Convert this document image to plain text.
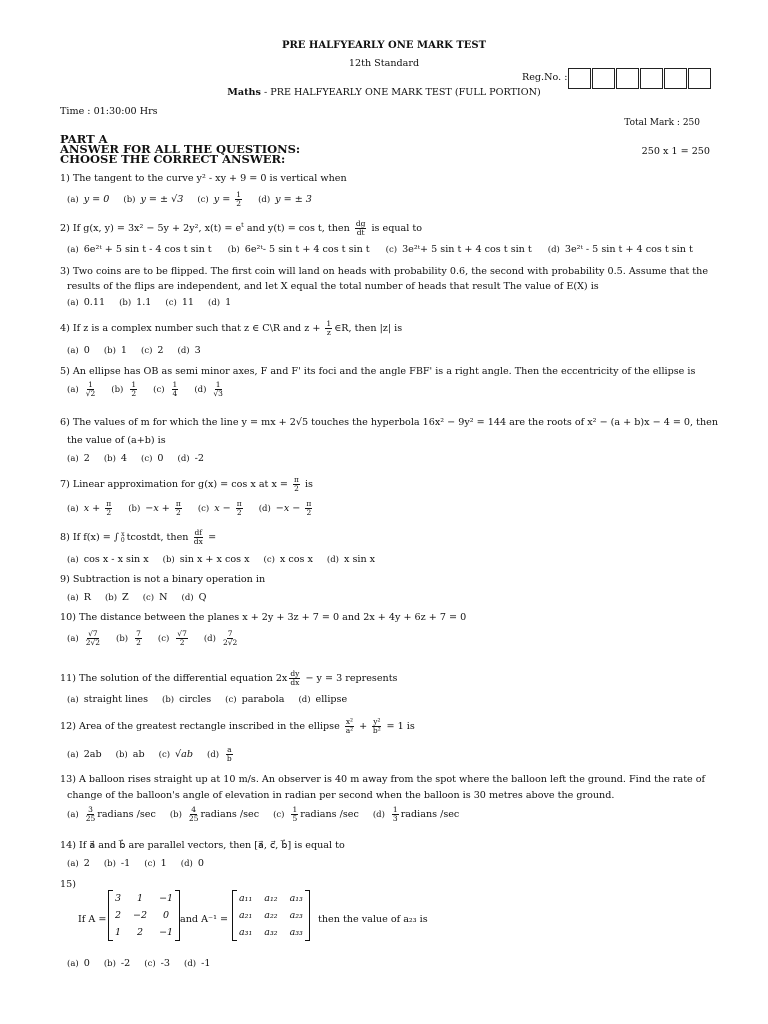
PRE HALFYEARLY ONE MARK TEST
12th Standard
Reg.No. :
Maths - PRE HALFYEARLY ONE MARK TEST (FULL PORTION)
Time : 01:30:00 Hrs
Total Mark : 250
PART A
ANSWER FOR ALL THE QUESTIONS:
CHOOSE THE CORRECT ANSWER:
250 x 1 = 250
1) The tangent to the curve y² - xy + 9 = 0 is vertical when
(a) y = 0 (b) y = ± √3 (c) $y = \frac{1}{2} (d) y$ = ± 3
2) If g(x, y) = 3x² − 5y + 2y², $x(t) = e^t$ and y(t) = cos t, then $\frac{dg}{dt}$ is equal to
(a) 6e²ᵗ + 5 sin t - 4 cos t sin t (b) 6e²ᵗ- 5 sin t + 4 cos t sin t (c) 3e²ᵗ+ 5 sin t + 4 cos t sin t (d) 3e²ᵗ - 5 sin t + 4 cos t sin t
3) Two coins are to be flipped. The first coin will land on heads with probability 0.6, the second with probability 0.5. Assume that the
results of the flips are independent, and let X equal the total number of heads that result The value of E(X) is
(a) 0.11 (b) 1.1 (c) 11 (d) 1
4) If z is a complex number such that z ∈ C\R and $z + \frac{1}{z}$ ∈R, then |z| is
(a) 0 (b) 1 (c) 2 (d) 3
5) An ellipse has OB as semi minor axes, F and F' its foci and the angle FBF' is a right angle. Then the eccentricity of the ellipse is
$(a) \frac{1}{√2} (b) \frac{1}{2} (c) \frac{1}{4} (d) \frac{1}{√3}$
6) The values of m for which the line y = mx + 2√5 touches the hyperbola 16x² − 9y² = 144 are the roots of x² − (a + b)x − 4 = 0, then
the value of (a+b) is
(a) 2 (b) 4 (c) 0 (d) -2
7) Linear approximation for g(x) = cos x at $x = \frac{\pi}{2}$ is
(a) $x + \frac{\pi}{2} (b) -x + \frac{\pi}{2} (c) x - \frac{\pi}{2} (d) -x - \frac{\pi}{2}$
8) If f(x) = ∫ x
0 tcostdt, then $\frac{df}{dx}$ =
(a) cos x - x sin x (b) sin x + x cos x (c) x cos x (d) x sin x
9) Subtraction is not a binary operation in
(a) R (b) Z (c) N (d) Q
10) The distance between the planes x + 2y + 3z + 7 = 0 and 2x + 4y + 6z + 7 = 0
$(a) \frac{√7}{2√2} (b) \frac{7}{2} (c) \frac{√7}{2} (d) \frac{7}{2√2}$
11) The solution of the differential equation $2x \frac{dy}{dx} - y = 3$ represents
(a) straight lines (b) circles (c) parabola (d) ellipse
12) Area of the greatest rectangle inscribed in the ellipse $\frac{\text{x²}}{\text{a²}} + \frac{\text{y²}}{\text{b²}} = 1$ is
(a) 2ab (b) ab (c) √ab $(d) \frac{a}{b}$
13) A balloon rises straight up at 10 m/s. An observer is 40 m away from the spot where the balloon left the ground. Find the rate of
change of the balloon's angle of elevation in radian per second when the balloon is 30 metres above the ground.
$(a) \frac{3}{25}$ radians /sec $(b) \frac{4}{25}$ radians /sec $(c) \frac{1}{5}$ radians /sec $(d) \frac{1}{3}$ radians /sec
14) If a⃗ and b⃗ are parallel vectors, then [a⃗, c⃗, b⃗] is equal to
(a) 2 (b) -1 (c) 1 (d) 0
15)
If A =
3	1	−1
2	−2	0
1	2	−1
and A⁻¹ =
a₁₁	a₁₂	a₁₃
a₂₁	a₂₂	a₂₃
a₃₁	a₃₂	a₃₃
then the value of a₂₃ is
(a) 0 (b) -2 (c) -3 (d) -1
